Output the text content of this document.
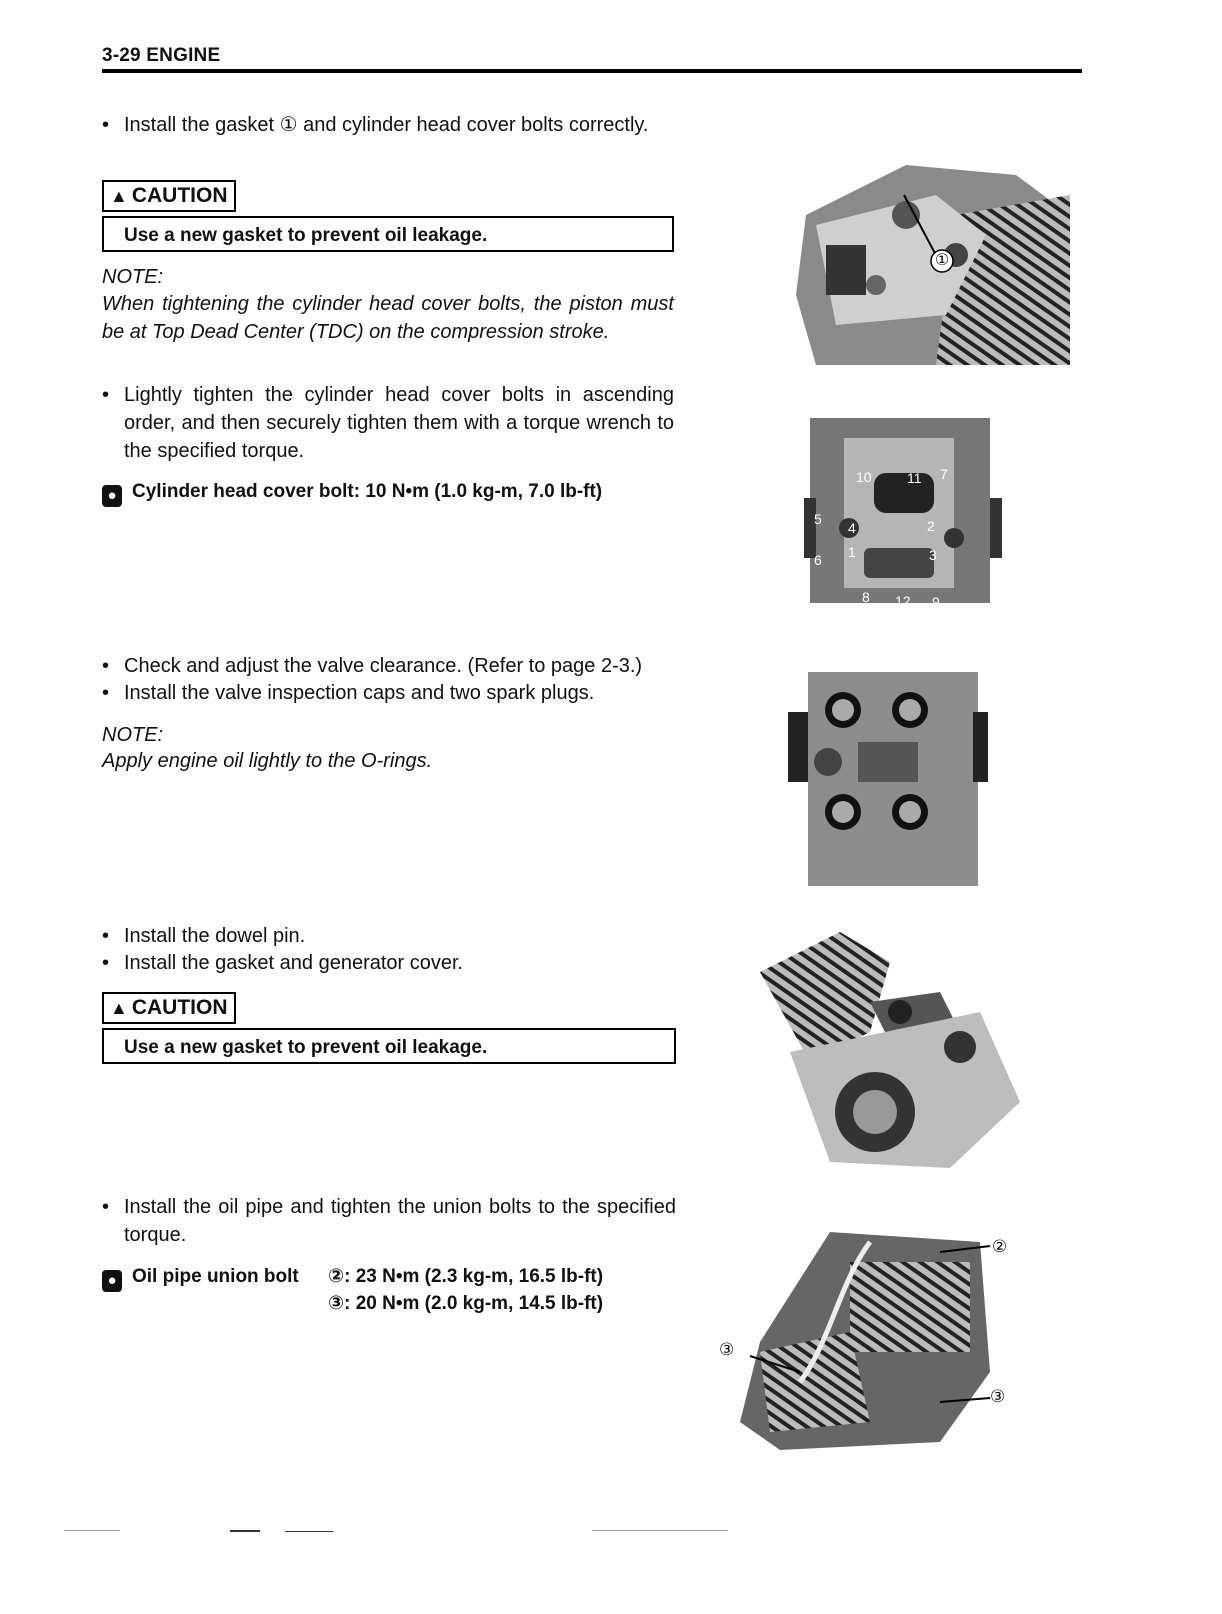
3-29 ENGINE
• Install the gasket ① and cylinder head cover bolts correctly.
▲ CAUTION
Use a new gasket to prevent oil leakage.
NOTE:
When tightening the cylinder head cover bolts, the piston must be at Top Dead Center (TDC) on the compression stroke.
• Lightly tighten the cylinder head cover bolts in ascending order, and then securely tighten them with a torque wrench to the specified torque.
● Cylinder head cover bolt: 10 N•m (1.0 kg-m, 7.0 lb-ft)
• Check and adjust the valve clearance. (Refer to page 2-3.)
• Install the valve inspection caps and two spark plugs.
NOTE:
Apply engine oil lightly to the O-rings.
• Install the dowel pin.
• Install the gasket and generator cover.
▲ CAUTION
Use a new gasket to prevent oil leakage.
• Install the oil pipe and tighten the union bolts to the specified torque.
● Oil pipe union bolt ②: 23 N•m (2.3 kg-m, 16.5 lb-ft)
③: 20 N•m (2.0 kg-m, 14.5 lb-ft)
①
10	11 7
5
4	2
6 1	3
8 12 9
②
③
③
